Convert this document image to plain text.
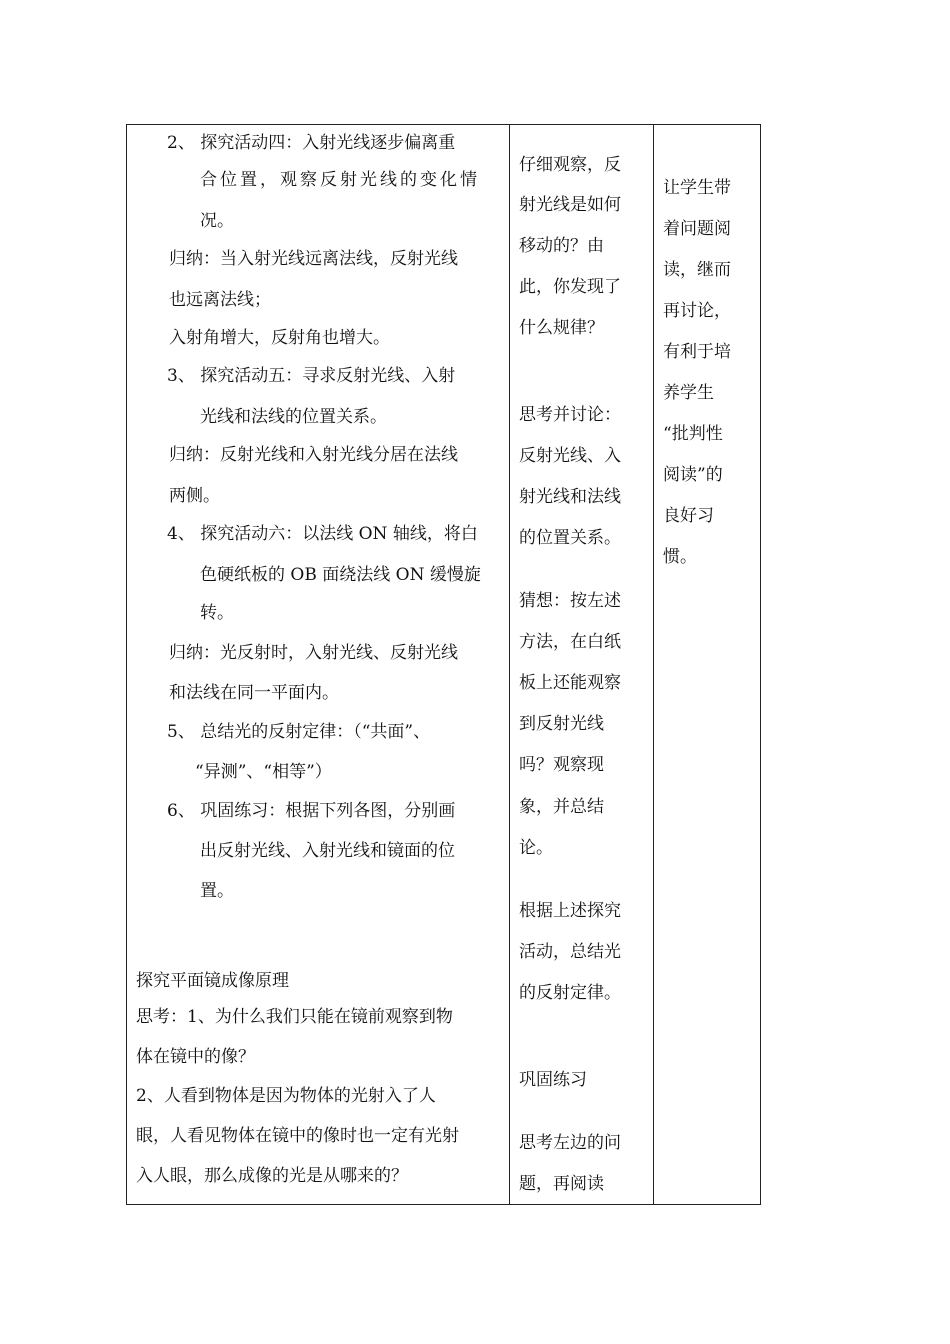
2、 探究活动四：入射光线逐步偏离重
合位置，观察反射光线的变化情
况。
归纳：当入射光线远离法线，反射光线
也远离法线；
入射角增大，反射角也增大。
3、 探究活动五：寻求反射光线、入射
光线和法线的位置关系。
归纳：反射光线和入射光线分居在法线
两侧。
4、 探究活动六：以法线 ON 轴线，将白
色硬纸板的 OB 面绕法线 ON 缓慢旋
转。
归纳：光反射时，入射光线、反射光线
和法线在同一平面内。
5、 总结光的反射定律：（“共面”、
“异测”、“相等”）
6、 巩固练习：根据下列各图，分别画
出反射光线、入射光线和镜面的位
置。
探究平面镜成像原理
思考：1、为什么我们只能在镜前观察到物
体在镜中的像？
2、人看到物体是因为物体的光射入了人
眼，人看见物体在镜中的像时也一定有光射
入人眼，那么成像的光是从哪来的？
仔细观察，反
射光线是如何
移动的？由
此，你发现了
什么规律？
思考并讨论：
反射光线、入
射光线和法线
的位置关系。
猜想：按左述
方法，在白纸
板上还能观察
到反射光线
吗？观察现
象，并总结
论。
根据上述探究
活动，总结光
的反射定律。
巩固练习
思考左边的问
题，再阅读
让学生带
着问题阅
读，继而
再讨论，
有利于培
养学生
“批判性
阅读”的
良好习
惯。
